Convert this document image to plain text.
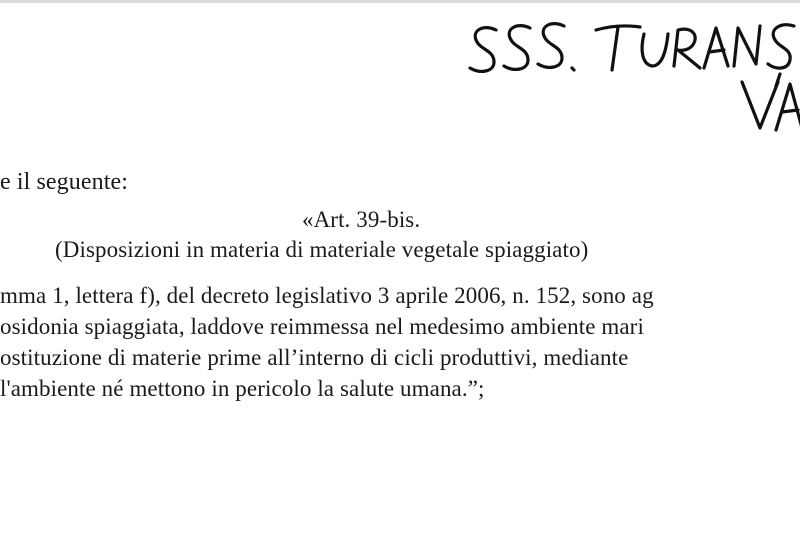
e il seguente:
«Art. 39-bis.
(Disposizioni in materia di materiale vegetale spiaggiato)
mma 1, lettera f), del decreto legislativo 3 aprile 2006, n. 152, sono ag
osidonia spiaggiata, laddove reimmessa nel medesimo ambiente mari
ostituzione di materie prime all’interno di cicli produttivi, mediante
l'ambiente né mettono in pericolo la salute umana.”;
